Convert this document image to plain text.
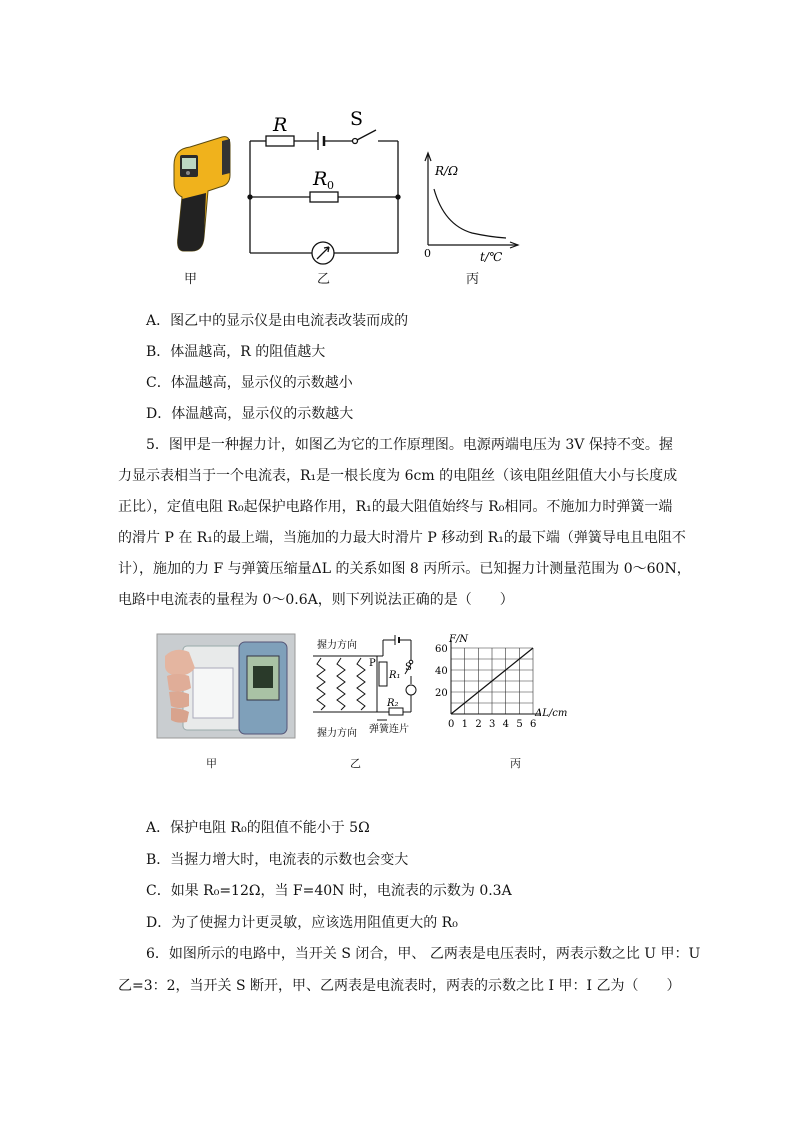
R	S
R 0
R/Ω
t/℃
0
甲	乙	丙
A．图乙中的显示仪是由电流表改装而成的
B．体温越高，R 的阻值越大
C．体温越高，显示仪的示数越小
D．体温越高，显示仪的示数越大
5．图甲是一种握力计，如图乙为它的工作原理图。电源两端电压为 3V 保持不变。握
力显示表相当于一个电流表，R₁是一根长度为 6cm 的电阻丝（该电阻丝阻值大小与长度成
正比），定值电阻 R₀起保护电路作用，R₁的最大阻值始终与 R₀相同。不施加力时弹簧一端
的滑片 P 在 R₁的最上端，当施加的力最大时滑片 P 移动到 R₁的最下端（弹簧导电且电阻不
计），施加的力 F 与弹簧压缩量ΔL 的关系如图 8 丙所示。已知握力计测量范围为 0～60N，
电路中电流表的量程为 0～0.6A，则下列说法正确的是（　　）
握力方向
握力方向 弹簧连片
P
R₁
R₂
S
0 1 2 3 4 5 6
20
40
60
F/N
ΔL/cm
甲	乙	丙
A．保护电阻 R₀的阻值不能小于 5Ω
B．当握力增大时，电流表的示数也会变大
C．如果 R₀=12Ω，当 F=40N 时，电流表的示数为 0.3A
D．为了使握力计更灵敏，应该选用阻值更大的 R₀
6．如图所示的电路中，当开关 S 闭合，甲、 乙两表是电压表时，两表示数之比 U 甲：U
乙=3：2，当开关 S 断开，甲、乙两表是电流表时，两表的示数之比 I 甲：I 乙为（　　）
